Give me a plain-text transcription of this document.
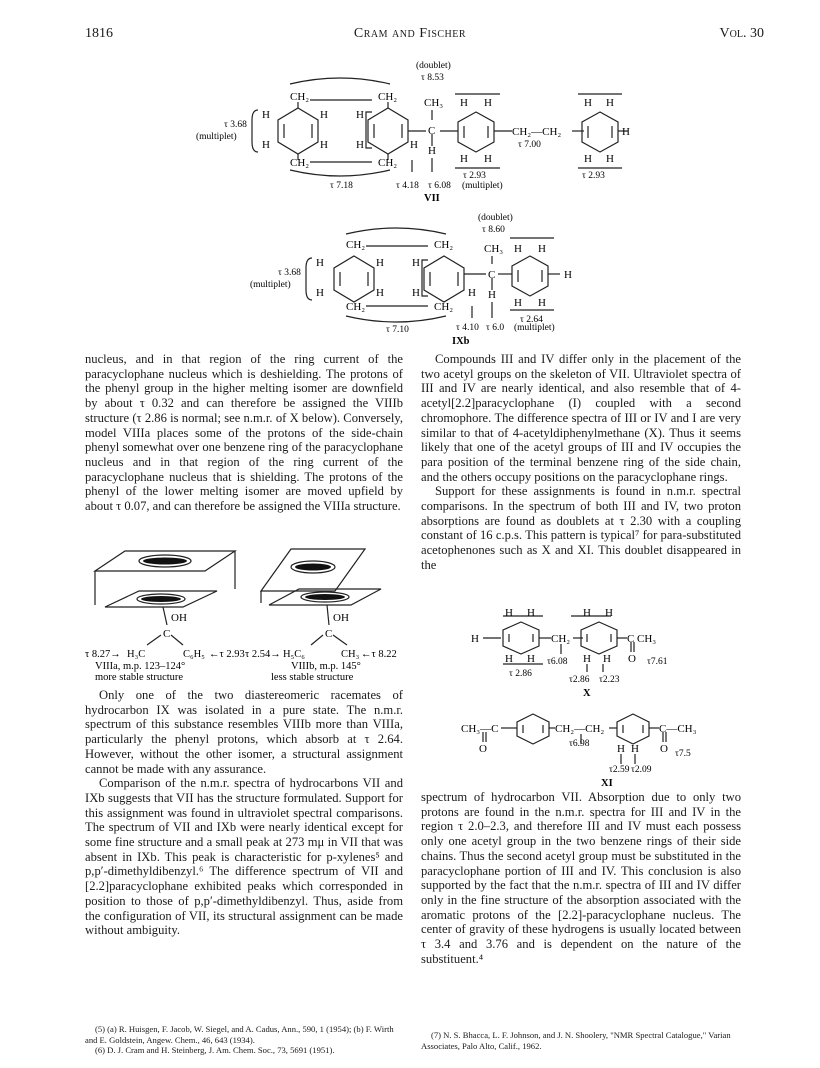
1816	Cram and Fischer	Vol. 30
(doublet)
τ 8.53
τ 3.68
(multiplet)
CH₂	CH₂
CH₂	CH₂
H	H
H	H
H
H	H
CH₃
C
H
H H
H H
CH₂—CH₂
τ 7.00
H H
H
H H
τ 2.93	τ 2.93
τ 7.18	τ 4.18 τ 6.08 (multiplet)
VII
(doublet)
τ 8.60
τ 3.68
(multiplet)
CH₂	CH₂
CH₂	CH₂
H	H
H	H
H
H	H
CH₃
C
H
H H
H
H H
τ 2.64
τ 7.10	τ 4.10 τ 6.0 (multiplet)
IXb

nucleus, and in that region of the ring current of the paracyclophane nucleus which is deshielding. The protons of the phenyl group in the higher melting isomer are downfield by about τ 0.32 and can therefore be assigned the VIIIb structure (τ 2.86 is normal; see n.m.r. of X below). Conversely, model VIIIa places some of the protons of the side-chain phenyl somewhat over one benzene ring of the paracyclophane nucleus and in that region of the ring current of the paracyclophane nucleus that is shielding. The protons of the phenyl of the lower melting isomer are moved upfield by about τ 0.07, and can therefore be assigned the VIIIa structure.

OH
C
OH
C
τ 8.27→ H₃C	C₆H₅ ←τ 2.93 τ 2.54→ H₅C₆	CH₃ ←τ 8.22
VIIIa, m.p. 123–124°
more stable structure
VIIIb, m.p. 145°
less stable structure

Only one of the two diastereomeric racemates of hydrocarbon IX was isolated in a pure state. The n.m.r. spectrum of this substance resembles VIIIb more than VIIIa, particularly the phenyl protons, which absorb at τ 2.64. However, without the other isomer, a structural assignment cannot be made with any assurance.

Comparison of the n.m.r. spectra of hydrocarbons VII and IXb suggests that VII has the structure formulated. Support for this assignment was found in ultraviolet spectral comparisons. The spectrum of VII and IXb were nearly identical except for some fine structure and a small peak at 273 mμ in VII that was absent in IXb. This peak is characteristic for p-xylenes⁵ and p,p′-dimethyldibenzyl.⁶ The difference spectrum of VII and [2.2]paracyclophane exhibited peaks which corresponded in position to those of p,p′-dimethyldibenzyl. Thus, aside from the configuration of VII, its structural assignment can be made without ambiguity.

(5) (a) R. Huisgen, F. Jacob, W. Siegel, and A. Cadus, Ann., 590, 1 (1954); (b) F. Wirth and E. Goldstein, Angew. Chem., 46, 643 (1934).

(6) D. J. Cram and H. Steinberg, J. Am. Chem. Soc., 73, 5691 (1951).

Compounds III and IV differ only in the placement of the two acetyl groups on the skeleton of VII. Ultraviolet spectra of III and IV are nearly identical, and also resemble that of 4-acetyl[2.2]paracyclophane (I) coupled with a second chromophore. The difference spectra of III or IV and I are very similar to that of 4-acetyldiphenylmethane (X). Thus it seems likely that one of the acetyl groups of III and IV occupies the para position of the terminal benzene ring of the side chain, and the others occupy positions on the paracyclophane rings.

Support for these assignments is found in n.m.r. spectral comparisons. In the spectrum of both III and IV, two proton absorptions are found as doublets at τ 2.30 with a coupling constant of 16 c.p.s. This pattern is typical⁷ for para-substituted acetophenones such as X and XI. This doublet disappeared in the

H H	H H
H	CH₂	C CH₃
O
H H	H H
τ6.08	τ7.61
τ 2.86
τ2.86 τ2.23
X
CH₃—C	CH₂—CH₂	C—CH₃
O	O
H H
τ6.98
τ7.5
τ2.59 τ2.09
XI

spectrum of hydrocarbon VII. Absorption due to only two protons are found in the n.m.r. spectra for III and IV in the region τ 2.0–2.3, and therefore III and IV must each possess only one acetyl group in the two benzene rings of their side chains. Thus the second acetyl group must be substituted in the paracyclophane portion of III and IV. This conclusion is also supported by the fact that the n.m.r. spectra of III and IV differ only in the fine structure of the absorption associated with the aromatic protons of the [2.2]-paracyclophane nucleus. The center of gravity of these hydrogens is usually located between τ 3.4 and 3.76 and is dependent on the nature of the substituent.⁴

(7) N. S. Bhacca, L. F. Johnson, and J. N. Shoolery, "NMR Spectral Catalogue," Varian Associates, Palo Alto, Calif., 1962.
